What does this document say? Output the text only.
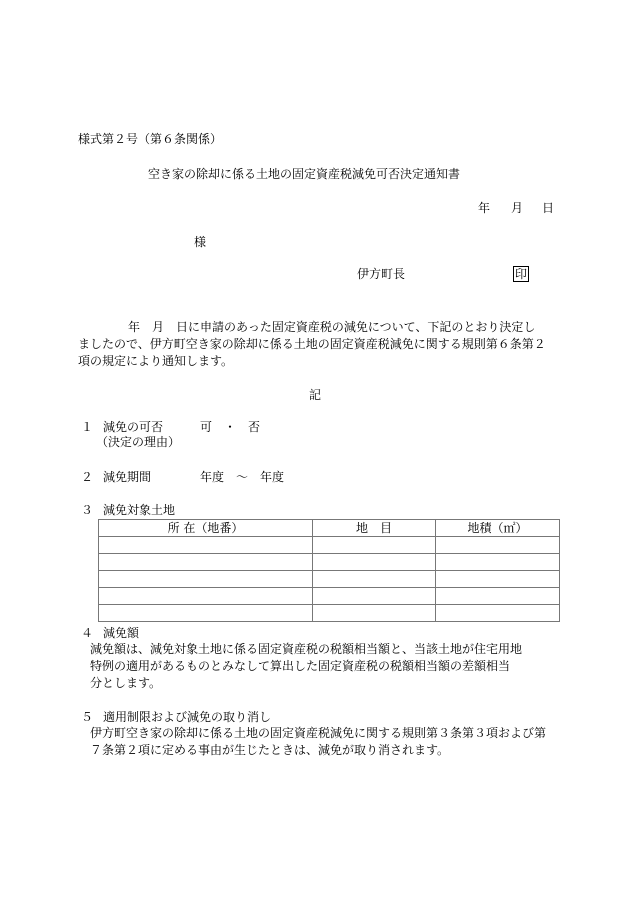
様式第２号（第６条関係）
空き家の除却に係る土地の固定資産税減免可否決定通知書
年 月 日
様
伊方町長	印
年　月　日に申請のあった固定資産税の減免について、下記のとおり決定し
ましたので、伊方町空き家の除却に係る土地の固定資産税減免に関する規則第６条第２
項の規定により通知します。
記
１ 減免の可否	可　・　否
（決定の理由）
２ 減免期間	年度　～　年度
３ 減免対象土地
所 在（地番）	地　目	地積（㎡）

４ 減免額
減免額は、減免対象土地に係る固定資産税の税額相当額と、当該土地が住宅用地
特例の適用があるものとみなして算出した固定資産税の税額相当額の差額相当
分とします。
５ 適用制限および減免の取り消し
伊方町空き家の除却に係る土地の固定資産税減免に関する規則第３条第３項および第
７条第２項に定める事由が生じたときは、減免が取り消されます。
